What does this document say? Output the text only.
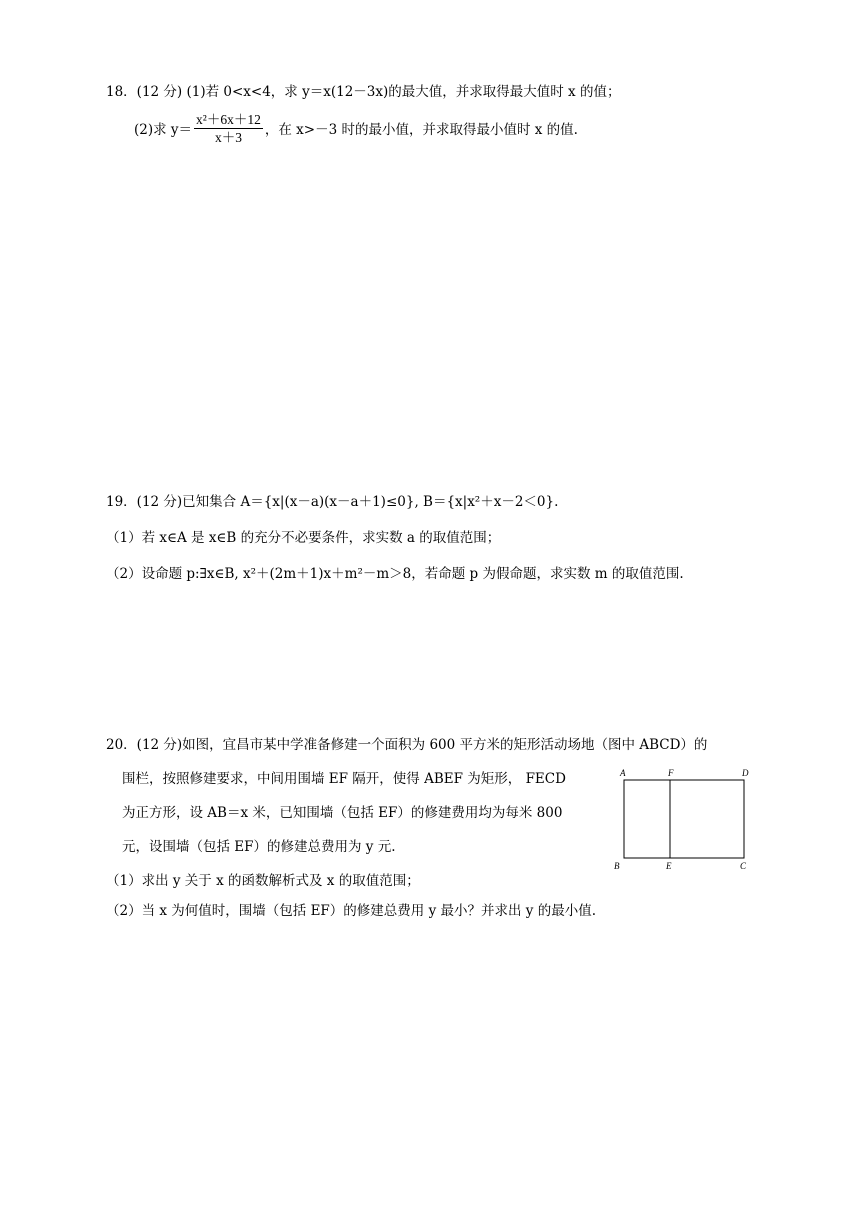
18．(12 分) (1)若 0<x<4，求 y＝x(12－3x)的最大值，并求取得最大值时 x 的值；
(2)求 $y= \frac{\text{x²＋6x＋12}}{x+3}$ ，在 x>－3 时的最小值，并求取得最小值时 x 的值.
19．(12 分)已知集合 A＝{x|(x－a)(x－a＋1)≤0}, B＝{x|x²＋x－2＜0}.
（1）若 x∈A 是 x∈B 的充分不必要条件，求实数 a 的取值范围；
（2）设命题 p:∃x∈B, x²＋(2m＋1)x＋m²－m＞8，若命题 p 为假命题，求实数 m 的取值范围.
20．(12 分)如图，宜昌市某中学准备修建一个面积为 600 平方米的矩形活动场地（图中 ABCD）的
围栏，按照修建要求，中间用围墙 EF 隔开，使得 ABEF 为矩形， FECD
为正方形，设 AB＝x 米，已知围墙（包括 EF）的修建费用均为每米 800
元，设围墙（包括 EF）的修建总费用为 y 元.
（1）求出 y 关于 x 的函数解析式及 x 的取值范围；
（2）当 x 为何值时，围墙（包括 EF）的修建总费用 y 最小？并求出 y 的最小值.
A	F	D
B	E	C
